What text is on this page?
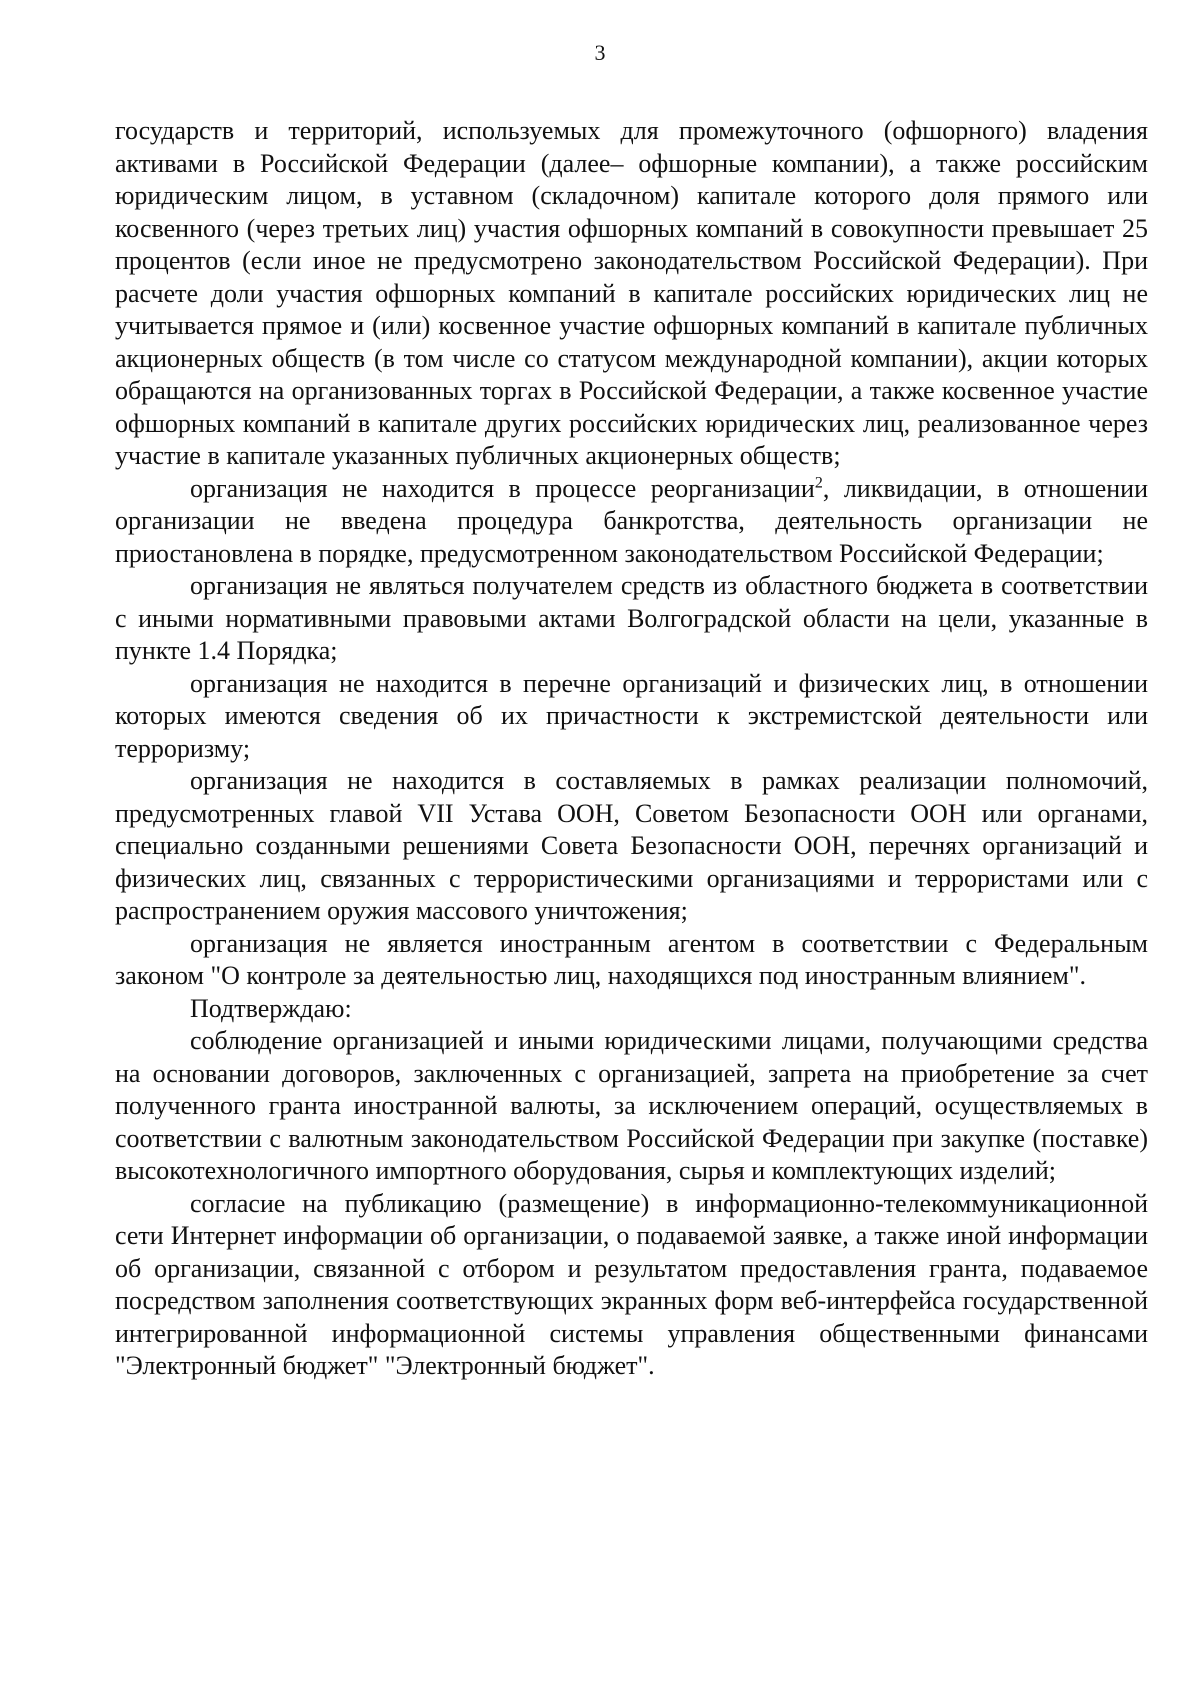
3

государств и территорий, используемых для промежуточного (офшорного) владения активами в Российской Федерации (далее– офшорные компании), а также российским юридическим лицом, в уставном (складочном) капитале которого доля прямого или косвенного (через третьих лиц) участия офшорных компаний в совокупности превышает 25 процентов (если иное не предусмотрено законодательством Российской Федерации). При расчете доли участия офшорных компаний в капитале российских юридических лиц не учитывается прямое и (или) косвенное участие офшорных компаний в капитале публичных акционерных обществ (в том числе со статусом международной компании), акции которых обращаются на организованных торгах в Российской Федерации, а также косвенное участие офшорных компаний в капитале других российских юридических лиц, реализованное через участие в капитале указанных публичных акционерных обществ;

организация не находится в процессе реорганизации$^2$, ликвидации, в отношении организации не введена процедура банкротства, деятельность организации не приостановлена в порядке, предусмотренном законодательством Российской Федерации;

организация не являться получателем средств из областного бюджета в соответствии с иными нормативными правовыми актами Волгоградской области на цели, указанные в пункте 1.4 Порядка;

организация не находится в перечне организаций и физических лиц, в отношении которых имеются сведения об их причастности к экстремистской деятельности или терроризму;

организация не находится в составляемых в рамках реализации полномочий, предусмотренных главой VII Устава ООН, Советом Безопасности ООН или органами, специально созданными решениями Совета Безопасности ООН, перечнях организаций и физических лиц, связанных с террористическими организациями и террористами или с распространением оружия массового уничтожения;

организация не является иностранным агентом в соответствии с Федеральным законом "О контроле за деятельностью лиц, находящихся под иностранным влиянием".

Подтверждаю:

соблюдение организацией и иными юридическими лицами, получающими средства на основании договоров, заключенных с организацией, запрета на приобретение за счет полученного гранта иностранной валюты, за исключением операций, осуществляемых в соответствии с валютным законодательством Российской Федерации при закупке (поставке) высокотехнологичного импортного оборудования, сырья и комплектующих изделий;

согласие на публикацию (размещение) в информационно-телекоммуникационной сети Интернет информации об организации, о подаваемой заявке, а также иной информации об организации, связанной с отбором и результатом предоставления гранта, подаваемое посредством заполнения соответствующих экранных форм веб-интерфейса государственной интегрированной информационной системы управления общественными финансами "Электронный бюджет" "Электронный бюджет".
